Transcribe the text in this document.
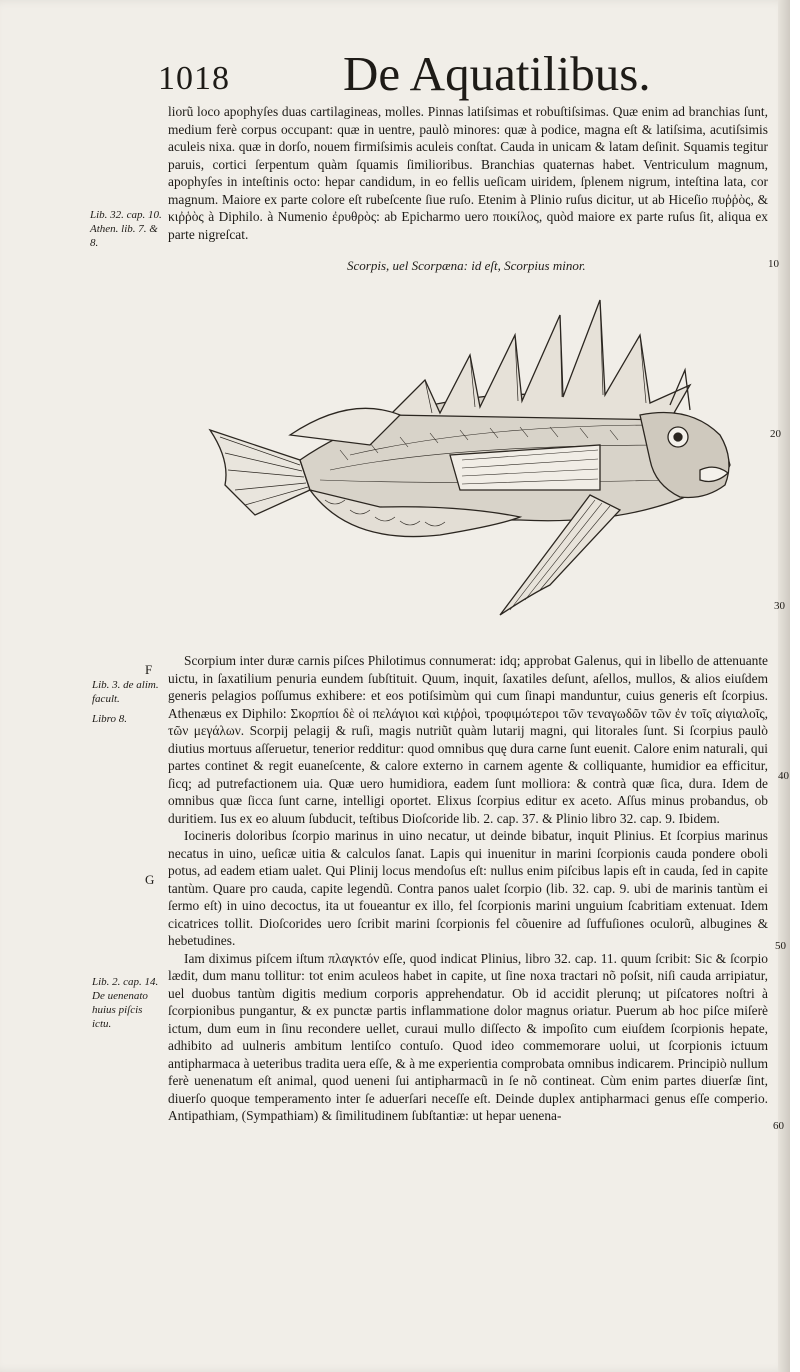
1018 De Aquatilibus.

liorũ loco apophyſes duas cartilagineas, molles. Pinnas latiſsimas et robuſtiſsimas. Quæ enim ad branchias ſunt, medium ferè corpus occupant: quæ in uentre, paulò minores: quæ à podice, magna eſt & latiſsima, acutiſsimis aculeis nixa. quæ in dorſo, nouem firmiſsimis aculeis conſtat. Cauda in unicam & latam deſinit. Squamis tegitur paruis, cortici ſerpentum quàm ſquamis ſimilioribus. Branchias quaternas habet. Ventriculum magnum, apophyſes in inteſtinis octo: hepar candidum, in eo fellis ueſicam uiridem, ſplenem nigrum, inteſtina lata, cor magnum. Maiore ex parte colore eſt rubeſcente ſiue ruſo. Etenim à Plinio ruſus dicitur, ut ab Hiceſio πυῤῥὸς, & κιῤῥὸς à Diphilo. à Numenio ἐρυθρὸς: ab Epicharmo uero ποικίλος, quòd maiore ex parte ruſus ſit, aliqua ex parte nigreſcat.

Lib. 32. cap. 10. Athen. lib. 7. & 8.
Scorpis, uel Scorpæna: id eſt, Scorpius minor.	10
20
30
40
50
60
F
Lib. 3. de alim. facult.
Libro 8.
G
Lib. 2. cap. 14. De uenenato huius piſcis ictu.

Scorpium inter duræ carnis piſces Philotimus connumerat: idq; approbat Galenus, qui in libello de attenuante uictu, in ſaxatilium penuria eundem ſubſtituit. Quum, inquit, ſaxatiles deſunt, aſellos, mullos, & alios eiuſdem generis pelagios poſſumus exhibere: et eos potiſsimùm qui cum ſinapi manduntur, cuius generis eſt ſcorpius. Athenæus ex Diphilo: Σκορπίοι δὲ οἱ πελάγιοι καὶ κιῤῥοὶ, τροφιμώτεροι τῶν τεναγωδῶν τῶν ἐν τοῖς αἰγιαλοῖς, τῶν μεγάλων. Scorpij pelagij & ruſi, magis nutriũt quàm lutarij magni, qui litorales ſunt. Si ſcorpius paulò diutius mortuus aſſeruetur, tenerior redditur: quod omnibus quę dura carne ſunt euenit. Calore enim naturali, qui partes continet & regit euaneſcente, & calore externo in carnem agente & colliquante, humidior ea efficitur, ſicq; ad putrefactionem uia. Quæ uero humidiora, eadem ſunt molliora: & contrà quæ ſica, dura. Idem de omnibus quæ ſicca ſunt carne, intelligi oportet. Elixus ſcorpius editur ex aceto. Aſſus minus probandus, ob duritiem. Ius ex eo aluum ſubducit, teſtibus Dioſcoride lib. 2. cap. 37. & Plinio libro 32. cap. 9. Ibidem.

Iocineris doloribus ſcorpio marinus in uino necatur, ut deinde bibatur, inquit Plinius. Et ſcorpius marinus necatus in uino, ueſicæ uitia & calculos ſanat. Lapis qui inuenitur in marini ſcorpionis cauda pondere oboli potus, ad eadem etiam ualet. Qui Plinij locus mendoſus eſt: nullus enim piſcibus lapis eſt in cauda, ſed in capite tantùm. Quare pro cauda, capite legendũ. Contra panos ualet ſcorpio (lib. 32. cap. 9. ubi de marinis tantùm ei ſermo eſt) in uino decoctus, ita ut foueantur ex illo, fel ſcorpionis marini unguium ſcabritiam extenuat. Idem cicatrices tollit. Dioſcorides uero ſcribit marini ſcorpionis fel cõuenire ad ſuffuſiones oculorũ, albugines & hebetudines.

Iam diximus piſcem iſtum πλαγκτόν eſſe, quod indicat Plinius, libro 32. cap. 11. quum ſcribit: Sic & ſcorpio lædit, dum manu tollitur: tot enim aculeos habet in capite, ut ſine noxa tractari nõ poſsit, niſi cauda arripiatur, uel duobus tantùm digitis medium corporis apprehendatur. Ob id accidit plerunq; ut piſcatores noſtri à ſcorpionibus pungantur, & ex punctæ partis inflammatione dolor magnus oriatur. Puerum ab hoc piſce miſerè ictum, dum eum in ſinu recondere uellet, curaui mullo diſſecto & impoſito cum eiuſdem ſcorpionis hepate, adhibito ad uulneris ambitum lentiſco contuſo. Quod ideo commemorare uolui, ut ſcorpionis ictuum antipharmaca à ueteribus tradita uera eſſe, & à me experientia comprobata omnibus indicarem. Principiò nullum ferè uenenatum eſt animal, quod ueneni ſui antipharmacũ in ſe nõ contineat. Cùm enim partes diuerſæ ſint, diuerſo quoque temperamento inter ſe aduerſari neceſſe eſt. Deinde duplex antipharmaci genus eſſe comperio. Antipathiam, (Sympathiam) & ſimilitudinem ſubſtantiæ: ut hepar uenena-
